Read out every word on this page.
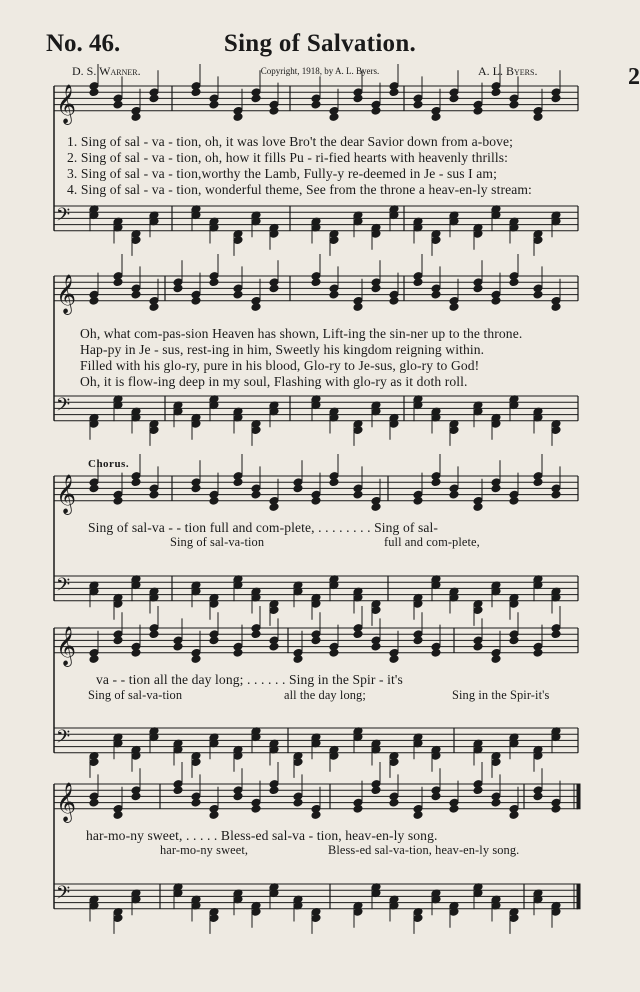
No. 46.	Sing of Salvation.
D. S. Warner.	Copyright, 1918, by A. L. Byers.	A. L. Byers.	2
𝄞
𝄢
𝄞
𝄢
𝄞
𝄢
𝄞
𝄢
𝄞
𝄢
1. Sing of sal - va - tion, oh, it was love Bro't the dear Savior down from a-bove;
2. Sing of sal - va - tion, oh, how it fills Pu - ri-fied hearts with heavenly thrills:
3. Sing of sal - va - tion,worthy the Lamb, Fully-y re-deemed in Je - sus I am;
4. Sing of sal - va - tion, wonderful theme, See from the throne a heav-en-ly stream:
Oh, what com-pas-sion Heaven has shown, Lift-ing the sin-ner up to the throne.
Hap-py in Je - sus, rest-ing in him, Sweetly his kingdom reigning within.
Filled with his glo-ry, pure in his blood, Glo-ry to Je-sus, glo-ry to God!
Oh, it is flow-ing deep in my soul, Flashing with glo-ry as it doth roll.
Chorus.
Sing of sal-va - - tion full and com-plete, . . . . . . . . Sing of sal-
Sing of sal-va-tion	full and com-plete,
va - - tion all the day long; . . . . . . Sing in the Spir - it's
Sing of sal-va-tion	all the day long;	Sing in the Spir-it's
har-mo-ny sweet, . . . . . Bless-ed sal-va - tion, heav-en-ly song.
har-mo-ny sweet,	Bless-ed sal-va-tion, heav-en-ly song.
